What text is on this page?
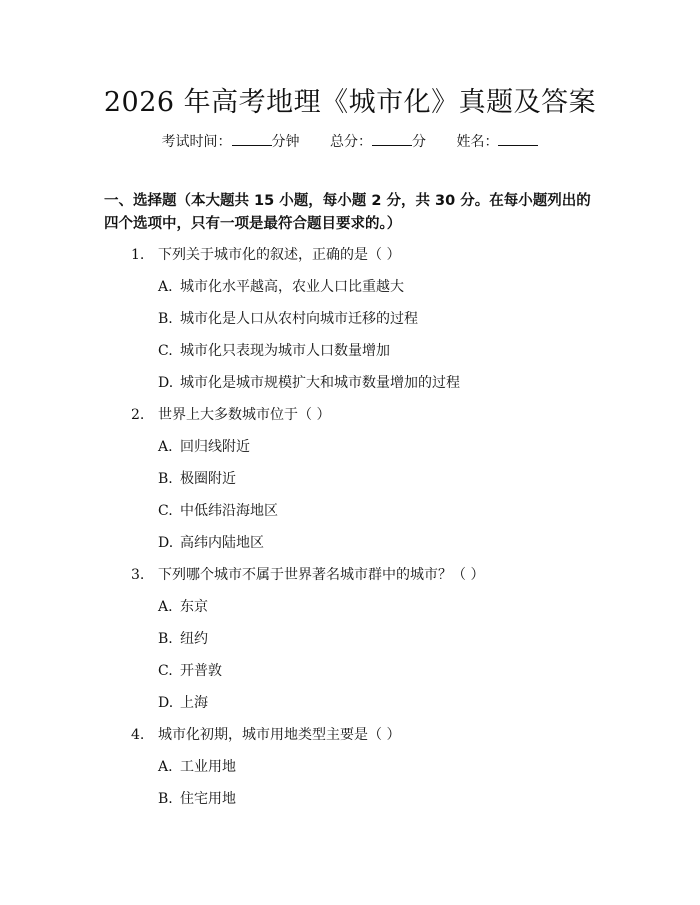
2026 年高考地理《城市化》真题及答案
考试时间：	分钟 总分：	分 姓名：
一、选择题（本大题共 15 小题，每小题 2 分，共 30 分。在每小题列出的四个选项中，只有一项是最符合题目要求的。）
1. 下列关于城市化的叙述，正确的是（ ）
A. 城市化水平越高，农业人口比重越大
B. 城市化是人口从农村向城市迁移的过程
C. 城市化只表现为城市人口数量增加
D. 城市化是城市规模扩大和城市数量增加的过程
2. 世界上大多数城市位于（ ）
A. 回归线附近
B. 极圈附近
C. 中低纬沿海地区
D. 高纬内陆地区
3. 下列哪个城市不属于世界著名城市群中的城市？（ ）
A. 东京
B. 纽约
C. 开普敦
D. 上海
4. 城市化初期，城市用地类型主要是（ ）
A. 工业用地
B. 住宅用地
